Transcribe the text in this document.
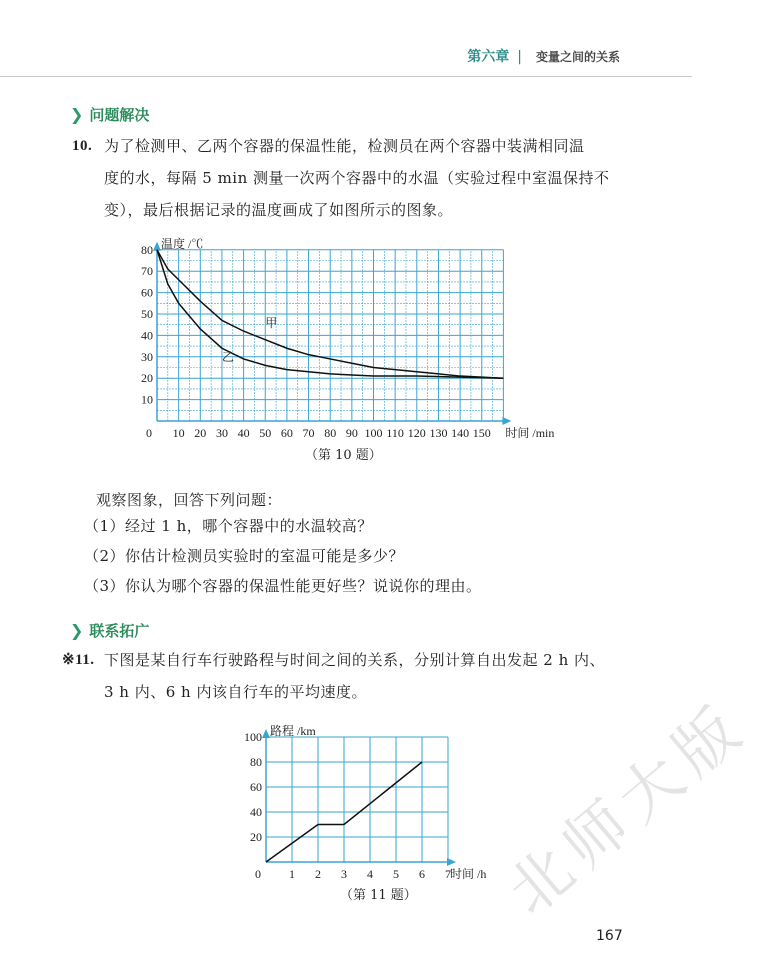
第六章 | 变量之间的关系
❯ 问题解决
10. 为了检测甲、乙两个容器的保温性能，检测员在两个容器中装满相同温
度的水，每隔 5 min 测量一次两个容器中的水温（实验过程中室温保持不
变），最后根据记录的温度画成了如图所示的图象。
0 10 20 30 40 50 60 70 80 90 100 110 120 130 140 150
10
20
30
40
50
60
70
80
时间 /min
温度 /℃
甲
乙
0 1 2 3 4 5 6 7
20
40
60
80
100
时间 /h
路程 /km
（第 10 题）
观察图象，回答下列问题：
（1）经过 1 h，哪个容器中的水温较高？
（2）你估计检测员实验时的室温可能是多少？
（3）你认为哪个容器的保温性能更好些？说说你的理由。
❯ 联系拓广
※11. 下图是某自行车行驶路程与时间之间的关系，分别计算自出发起 2 h 内、
3 h 内、6 h 内该自行车的平均速度。
（第 11 题） 北师大版
167
